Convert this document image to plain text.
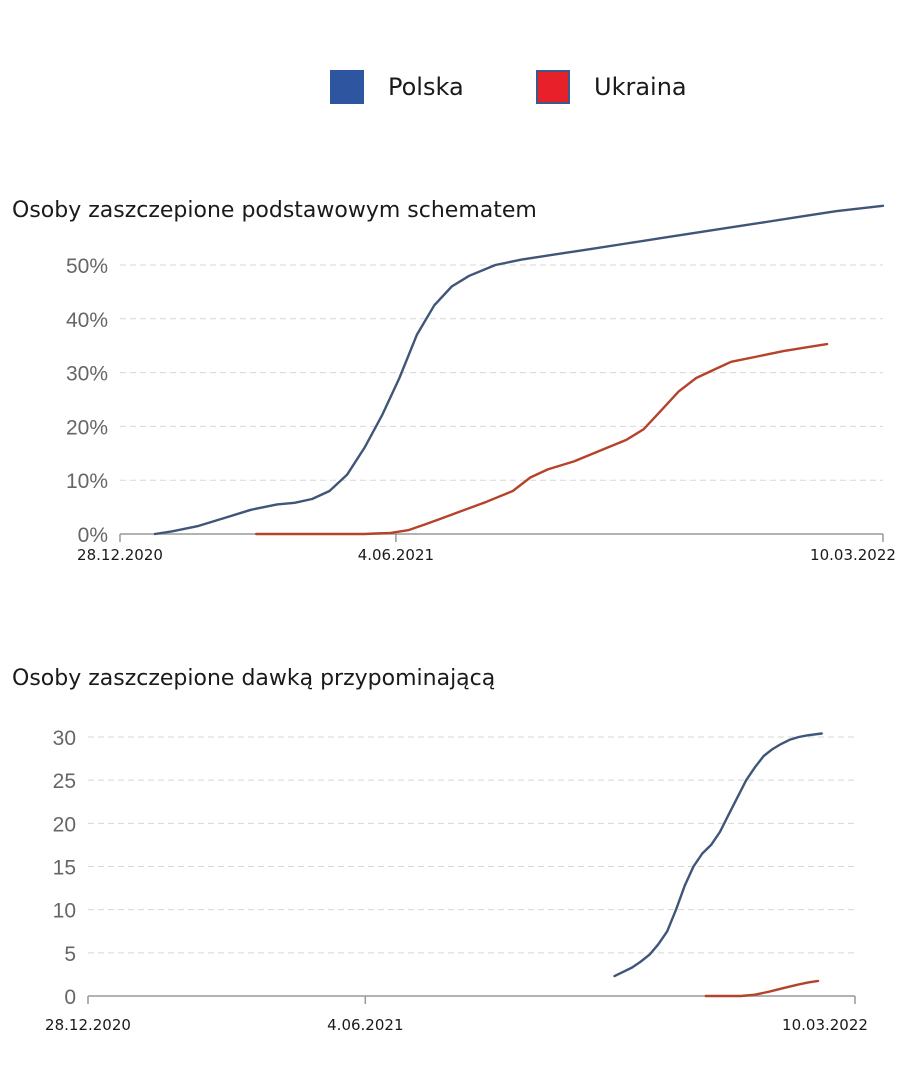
Polska	Ukraina
Osoby zaszczepione podstawowym schematem
0%
10%
20%
30%
40%
50%
28.12.2020	4.06.2021	10.03.2022
Osoby zaszczepione dawką przypominającą
0
5
10
15
20
25
30
28.12.2020	4.06.2021	10.03.2022
